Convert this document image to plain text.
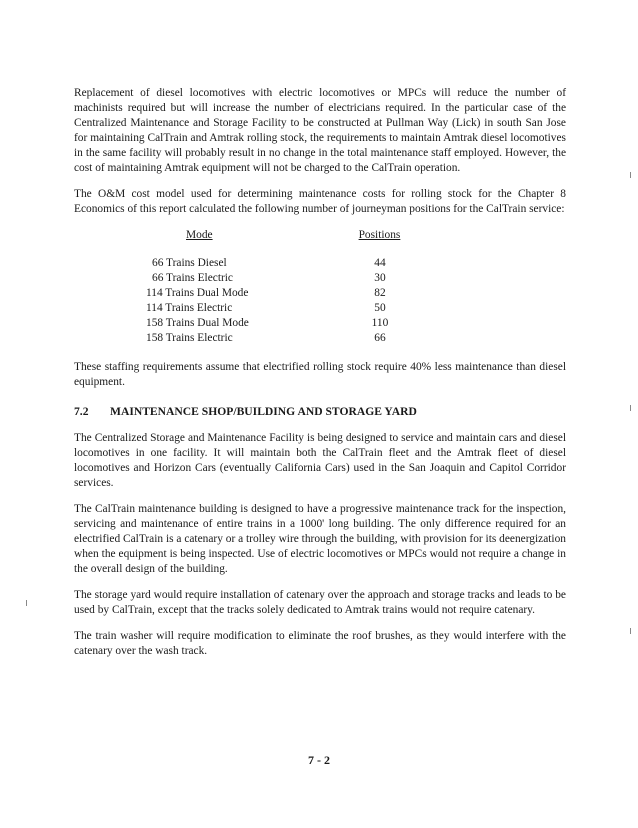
Replacement of diesel locomotives with electric locomotives or MPCs will reduce the number of machinists required but will increase the number of electricians required. In the particular case of the Centralized Maintenance and Storage Facility to be constructed at Pullman Way (Lick) in south San Jose for maintaining CalTrain and Amtrak rolling stock, the requirements to maintain Amtrak diesel locomotives in the same facility will probably result in no change in the total maintenance staff employed. However, the cost of maintaining Amtrak equipment will not be charged to the CalTrain operation.

The O&M cost model used for determining maintenance costs for rolling stock for the Chapter 8 Economics of this report calculated the following number of journeyman positions for the CalTrain service:

Mode	Positions
66 Trains Diesel	44
66 Trains Electric	30
114 Trains Dual Mode	82
114 Trains Electric	50
158 Trains Dual Mode	110
158 Trains Electric	66

These staffing requirements assume that electrified rolling stock require 40% less maintenance than diesel equipment.

7.2	MAINTENANCE SHOP/BUILDING AND STORAGE YARD

The Centralized Storage and Maintenance Facility is being designed to service and maintain cars and diesel locomotives in one facility. It will maintain both the CalTrain fleet and the Amtrak fleet of diesel locomotives and Horizon Cars (eventually California Cars) used in the San Joaquin and Capitol Corridor services.

The CalTrain maintenance building is designed to have a progressive maintenance track for the inspection, servicing and maintenance of entire trains in a 1000' long building. The only difference required for an electrified CalTrain is a catenary or a trolley wire through the building, with provision for its deenergization when the equipment is being inspected. Use of electric locomotives or MPCs would not require a change in the overall design of the building.

The storage yard would require installation of catenary over the approach and storage tracks and leads to be used by CalTrain, except that the tracks solely dedicated to Amtrak trains would not require catenary.

The train washer will require modification to eliminate the roof brushes, as they would interfere with the catenary over the wash track.

7 - 2
